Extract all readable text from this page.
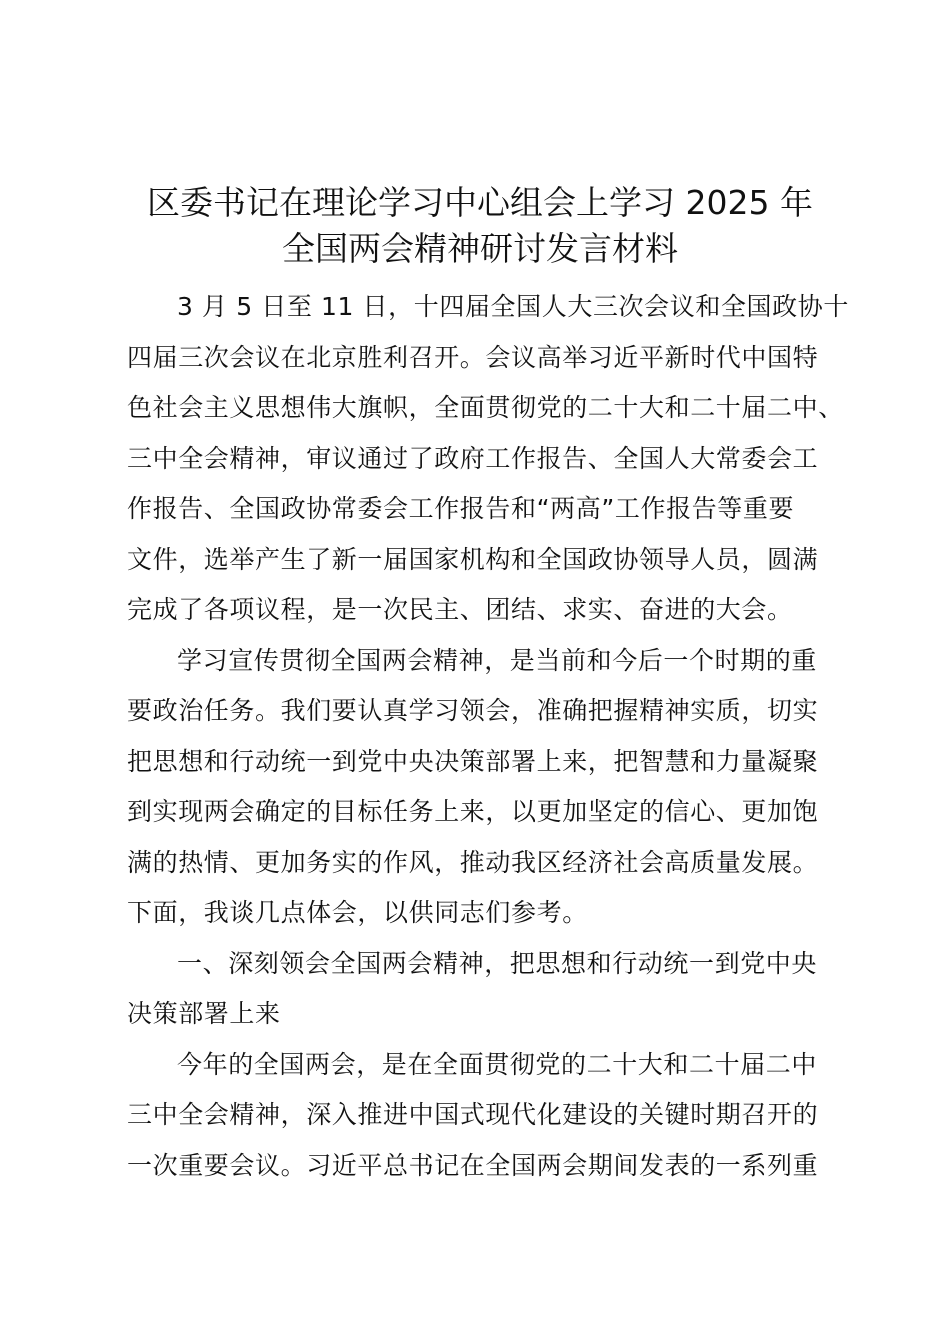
区委书记在理论学习中心组会上学习 2025 年
全国两会精神研讨发言材料
3 月 5 日至 11 日，十四届全国人大三次会议和全国政协十
四届三次会议在北京胜利召开。会议高举习近平新时代中国特
色社会主义思想伟大旗帜，全面贯彻党的二十大和二十届二中、
三中全会精神，审议通过了政府工作报告、全国人大常委会工
作报告、全国政协常委会工作报告和“两高”工作报告等重要
文件，选举产生了新一届国家机构和全国政协领导人员，圆满
完成了各项议程，是一次民主、团结、求实、奋进的大会。
学习宣传贯彻全国两会精神，是当前和今后一个时期的重
要政治任务。我们要认真学习领会，准确把握精神实质，切实
把思想和行动统一到党中央决策部署上来，把智慧和力量凝聚
到实现两会确定的目标任务上来，以更加坚定的信心、更加饱
满的热情、更加务实的作风，推动我区经济社会高质量发展。
下面，我谈几点体会，以供同志们参考。
一、深刻领会全国两会精神，把思想和行动统一到党中央
决策部署上来
今年的全国两会，是在全面贯彻党的二十大和二十届二中
三中全会精神，深入推进中国式现代化建设的关键时期召开的
一次重要会议。习近平总书记在全国两会期间发表的一系列重
